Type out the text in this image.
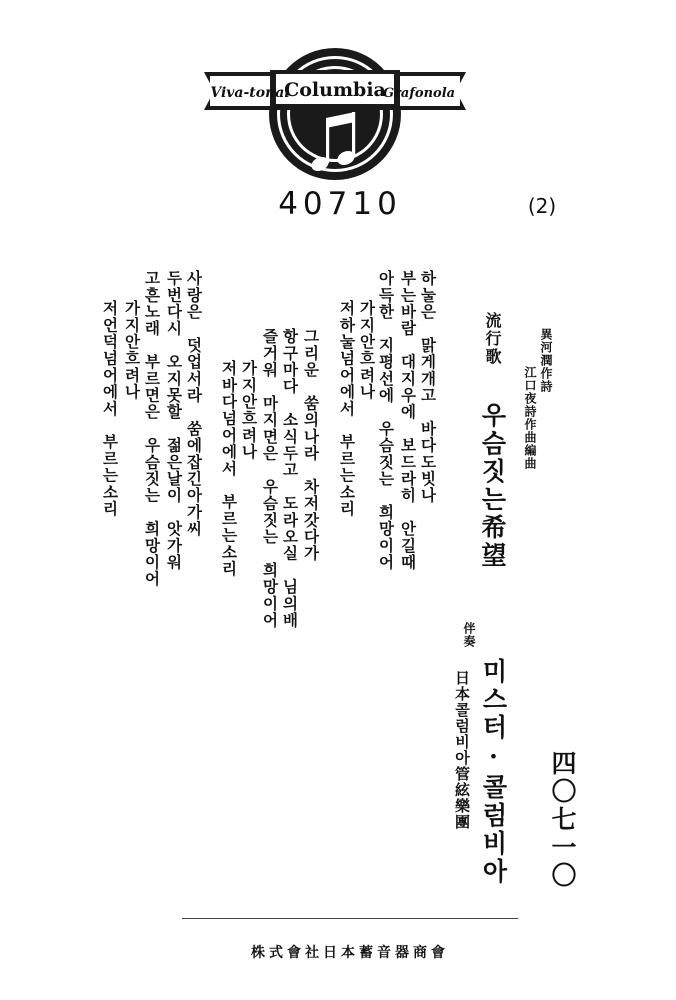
Viva-tonal
Columbia
Grafonola
40710	(2)
異河潤作詩
江口夜詩作曲編曲
流行歌
우슴짓는希望
伴奏
미스터·콜럼비아
日本콜럼비아管絃樂團	四〇七一〇
하눌은　맑게개고　바다도빗나
부는바람　대지우에　보드라히　안길때
아득한　지평선에　우슴짓는　희망이어
가지안흐려나
저하눌넘어에서　부르는소리
그리운　쑴의나라　차저갓다가
항구마다　소식두고　도라오실　님의배
즐거워　마지면은　우슴짓는　희망이어
가지안흐려나
저바다넘어에서　부르는소리
사랑은　덧업서라　쑴에잡긴아가씨
두번다시　오지못할　젊은날이　앗가워
고흔노래　부르면은　우슴짓는　희망이어
가지안흐려나
저언덕넘어에서　부르는소리
株式會社日本蓄音器商會
